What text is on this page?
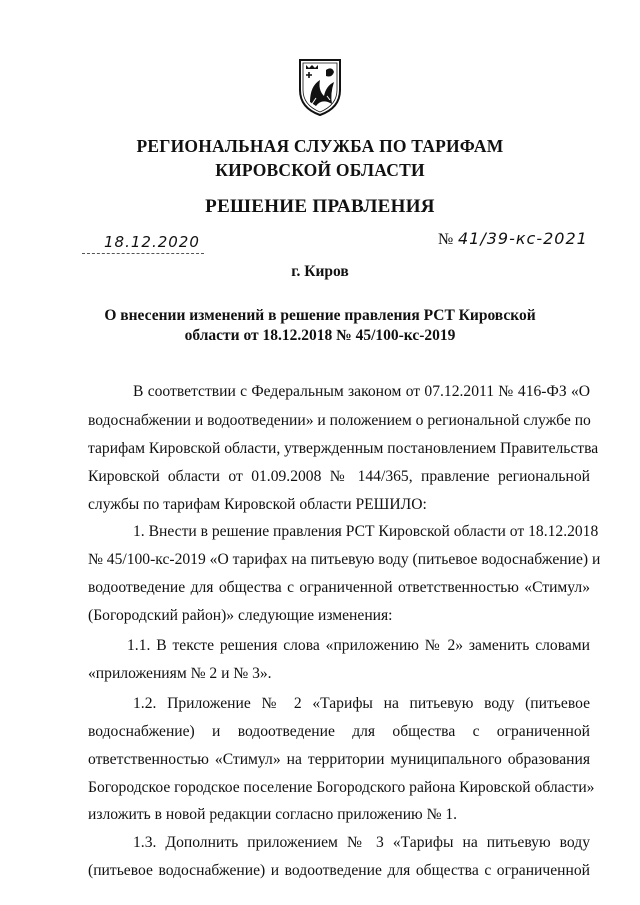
РЕГИОНАЛЬНАЯ СЛУЖБА ПО ТАРИФАМ
КИРОВСКОЙ ОБЛАСТИ
РЕШЕНИЕ ПРАВЛЕНИЯ
18.12.2020	№ 41/39-кс-2021
г. Киров
О внесении изменений в решение правления РСТ Кировской
области от 18.12.2018 № 45/100-кс-2019
В соответствии с Федеральным законом от 07.12.2011 № 416-ФЗ «О
водоснабжении и водоотведении» и положением о региональной службе по
тарифам Кировской области, утвержденным постановлением Правительства
Кировской области от 01.09.2008 № 144/365, правление региональной
службы по тарифам Кировской области РЕШИЛО:
1. Внести в решение правления РСТ Кировской области от 18.12.2018
№ 45/100-кс-2019 «О тарифах на питьевую воду (питьевое водоснабжение) и
водоотведение для общества с ограниченной ответственностью «Стимул»
(Богородский район)» следующие изменения:
1.1. В тексте решения слова «приложению № 2» заменить словами
«приложениям № 2 и № 3».
1.2. Приложение № 2 «Тарифы на питьевую воду (питьевое
водоснабжение) и водоотведение для общества с ограниченной
ответственностью «Стимул» на территории муниципального образования
Богородское городское поселение Богородского района Кировской области»
изложить в новой редакции согласно приложению № 1.
1.3. Дополнить приложением № 3 «Тарифы на питьевую воду
(питьевое водоснабжение) и водоотведение для общества с ограниченной
